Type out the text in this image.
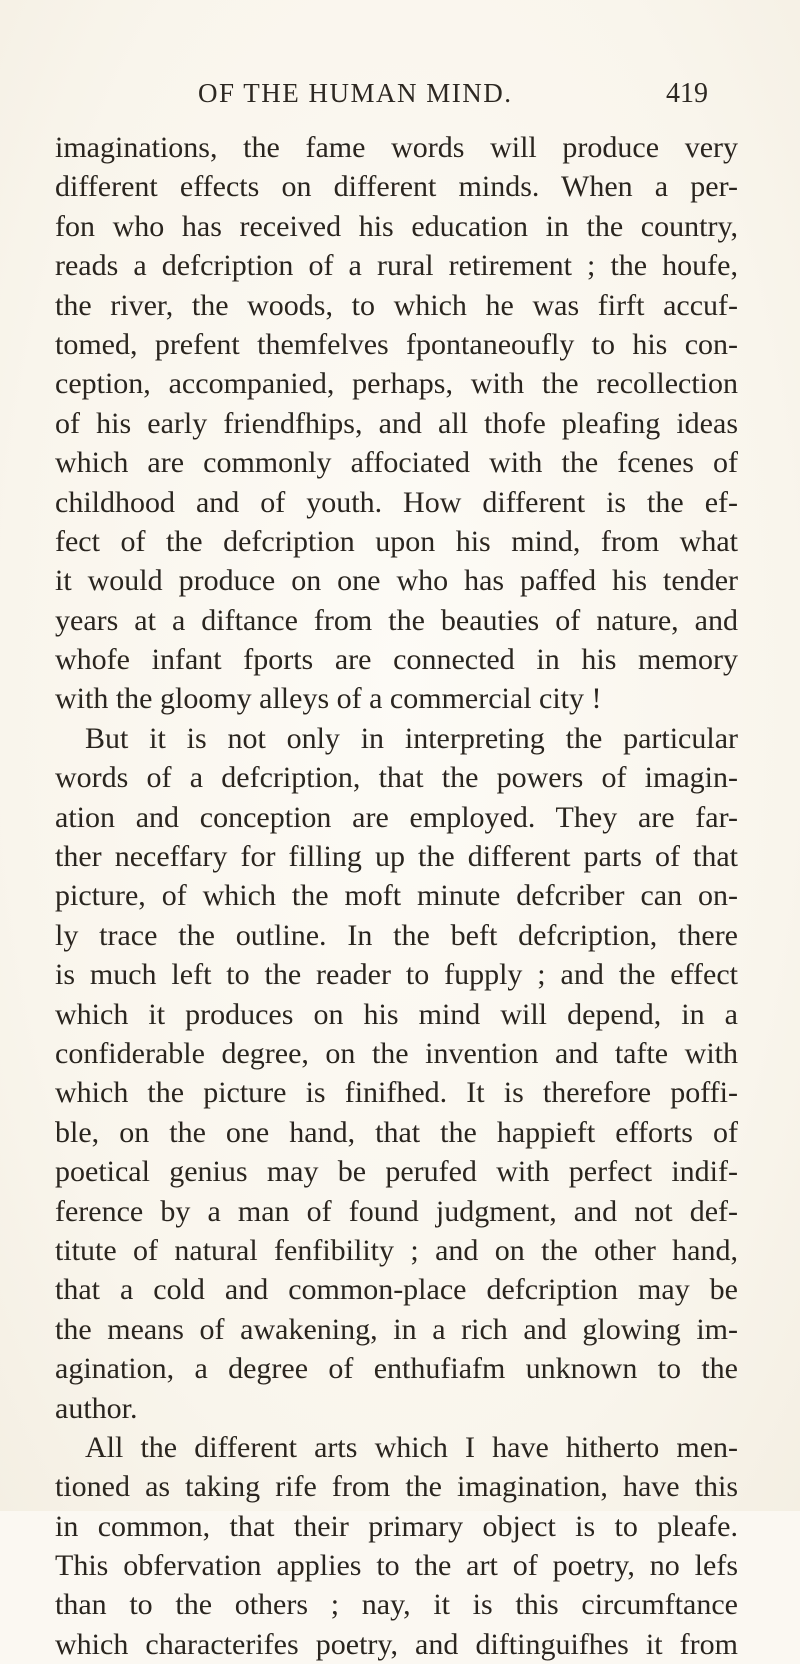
OF THE HUMAN MIND.	419
imaginations, the fame words will produce very
different effects on different minds. When a per-
fon who has received his education in the country,
reads a defcription of a rural retirement ; the houfe,
the river, the woods, to which he was firft accuf-
tomed, prefent themfelves fpontaneoufly to his con-
ception, accompanied, perhaps, with the recollection
of his early friendfhips, and all thofe pleafing ideas
which are commonly affociated with the fcenes of
childhood and of youth. How different is the ef-
fect of the defcription upon his mind, from what
it would produce on one who has paffed his tender
years at a diftance from the beauties of nature, and
whofe infant fports are connected in his memory
with the gloomy alleys of a commercial city !
But it is not only in interpreting the particular
words of a defcription, that the powers of imagin-
ation and conception are employed. They are far-
ther neceffary for filling up the different parts of that
picture, of which the moft minute defcriber can on-
ly trace the outline. In the beft defcription, there
is much left to the reader to fupply ; and the effect
which it produces on his mind will depend, in a
confiderable degree, on the invention and tafte with
which the picture is finifhed. It is therefore poffi-
ble, on the one hand, that the happieft efforts of
poetical genius may be perufed with perfect indif-
ference by a man of found judgment, and not def-
titute of natural fenfibility ; and on the other hand,
that a cold and common-place defcription may be
the means of awakening, in a rich and glowing im-
agination, a degree of enthufiafm unknown to the
author.
All the different arts which I have hitherto men-
tioned as taking rife from the imagination, have this
in common, that their primary object is to pleafe.
This obfervation applies to the art of poetry, no lefs
than to the others ; nay, it is this circumftance
which characterifes poetry, and diftinguifhes it from
